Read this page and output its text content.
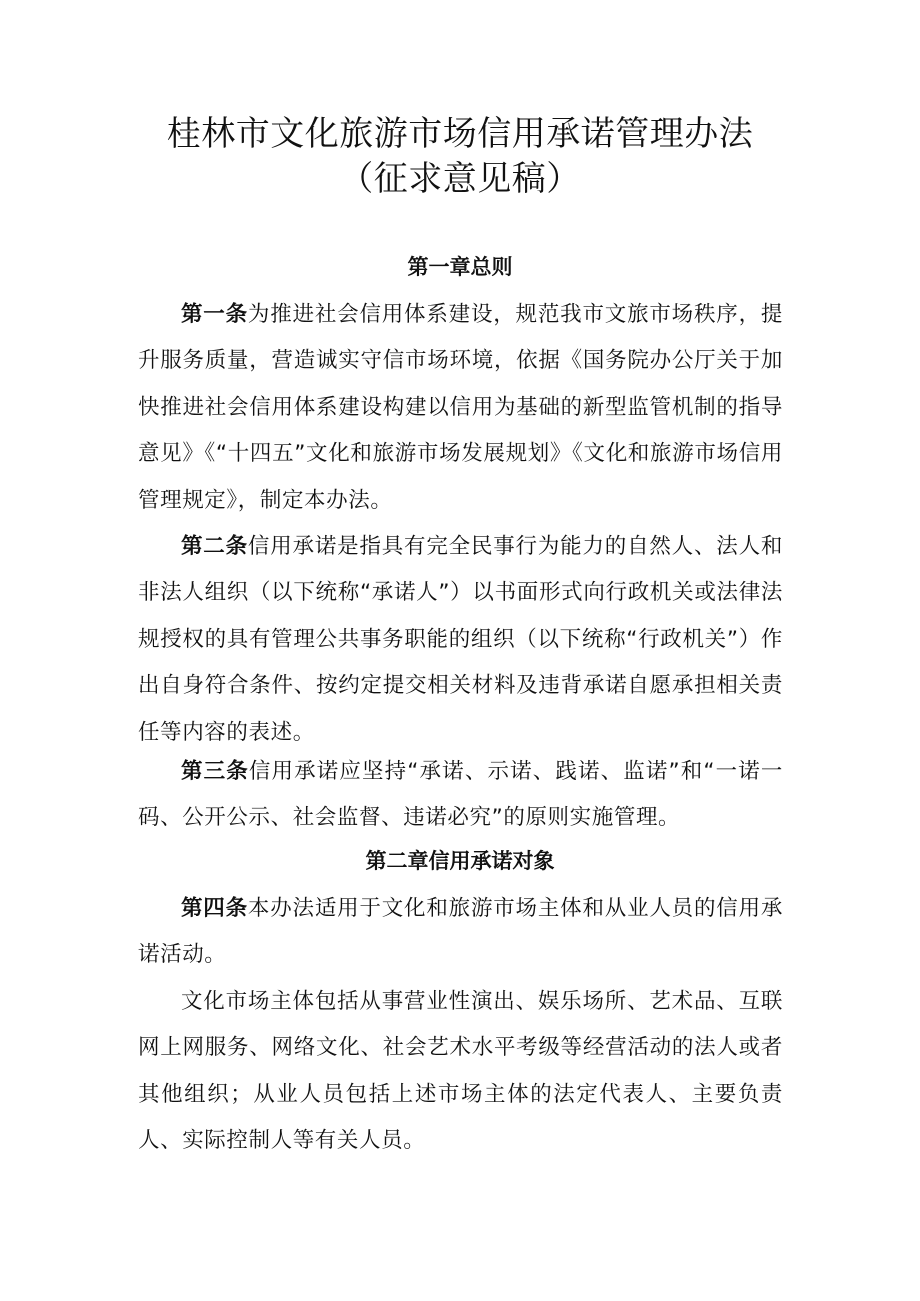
桂林市文化旅游市场信用承诺管理办法
（征求意见稿）
第一章总则

第一条为推进社会信用体系建设，规范我市文旅市场秩序，提升服务质量，营造诚实守信市场环境，依据《国务院办公厅关于加快推进社会信用体系建设构建以信用为基础的新型监管机制的指导意见》《“十四五”文化和旅游市场发展规划》《文化和旅游市场信用管理规定》，制定本办法。

第二条信用承诺是指具有完全民事行为能力的自然人、法人和非法人组织（以下统称“承诺人”）以书面形式向行政机关或法律法规授权的具有管理公共事务职能的组织（以下统称“行政机关”）作出自身符合条件、按约定提交相关材料及违背承诺自愿承担相关责任等内容的表述。

第三条信用承诺应坚持“承诺、示诺、践诺、监诺”和“一诺一码、公开公示、社会监督、违诺必究”的原则实施管理。

第二章信用承诺对象

第四条本办法适用于文化和旅游市场主体和从业人员的信用承诺活动。

文化市场主体包括从事营业性演出、娱乐场所、艺术品、互联网上网服务、网络文化、社会艺术水平考级等经营活动的法人或者其他组织；从业人员包括上述市场主体的法定代表人、主要负责人、实际控制人等有关人员。
